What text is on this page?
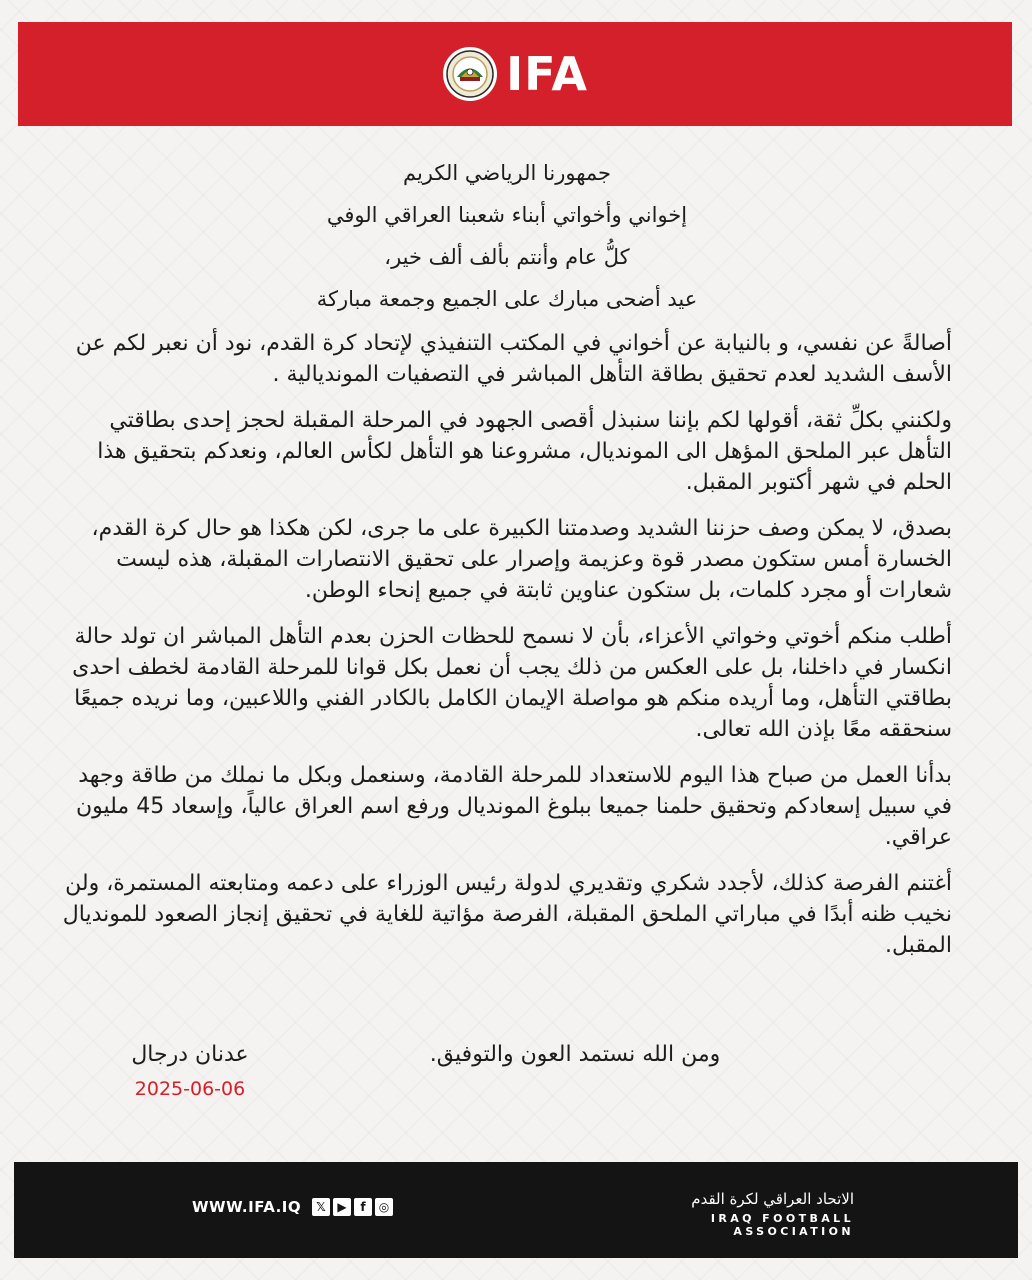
IFA

جمهورنا الرياضي الكريم

إخواني وأخواتي أبناء شعبنا العراقي الوفي

كلُّ عام وأنتم بألف ألف خير،

عيد أضحى مبارك على الجميع وجمعة مباركة

أصالةً عن نفسي، و بالنيابة عن أخواني في المكتب التنفيذي لإتحاد كرة القدم، نود أن نعبر لكم عن الأسف الشديد لعدم تحقيق بطاقة التأهل المباشر في التصفيات المونديالية .

ولكنني بكلِّ ثقة، أقولها لكم بإننا سنبذل أقصى الجهود في المرحلة المقبلة لحجز إحدى بطاقتي التأهل عبر الملحق المؤهل الى المونديال، مشروعنا هو التأهل لكأس العالم، ونعدكم بتحقيق هذا الحلم في شهر أكتوبر المقبل.

بصدق، لا يمكن وصف حزننا الشديد وصدمتنا الكبيرة على ما جرى، لكن هكذا هو حال كرة القدم، الخسارة أمس ستكون مصدر قوة وعزيمة وإصرار على تحقيق الانتصارات المقبلة، هذه ليست شعارات أو مجرد كلمات، بل ستكون عناوين ثابتة في جميع إنحاء الوطن.

أطلب منكم أخوتي وخواتي الأعزاء، بأن لا نسمح للحظات الحزن بعدم التأهل المباشر ان تولد حالة انكسار في داخلنا، بل على العكس من ذلك يجب أن نعمل بكل قوانا للمرحلة القادمة لخطف احدى بطاقتي التأهل، وما أريده منكم هو مواصلة الإيمان الكامل بالكادر الفني واللاعبين، وما نريده جميعًا سنحققه معًا بإذن الله تعالى.

بدأنا العمل من صباح هذا اليوم للاستعداد للمرحلة القادمة، وسنعمل وبكل ما نملك من طاقة وجهد في سبيل إسعادكم وتحقيق حلمنا جميعا ببلوغ المونديال ورفع اسم العراق عالياً، وإسعاد 45 مليون عراقي.

أغتنم الفرصة كذلك، لأجدد شكري وتقديري لدولة رئيس الوزراء على دعمه ومتابعته المستمرة، ولن نخيب ظنه أبدًا في مباراتي الملحق المقبلة، الفرصة مؤاتية للغاية في تحقيق إنجاز الصعود للمونديال المقبل.

ومن الله نستمد العون والتوفيق.
عدنان درجال
2025-06-06
WWW.IFA.IQ	𝕏 ▶	f	◎	الاتحاد العراقي لكرة القدم
IRAQ FOOTBALL ASSOCIATION
